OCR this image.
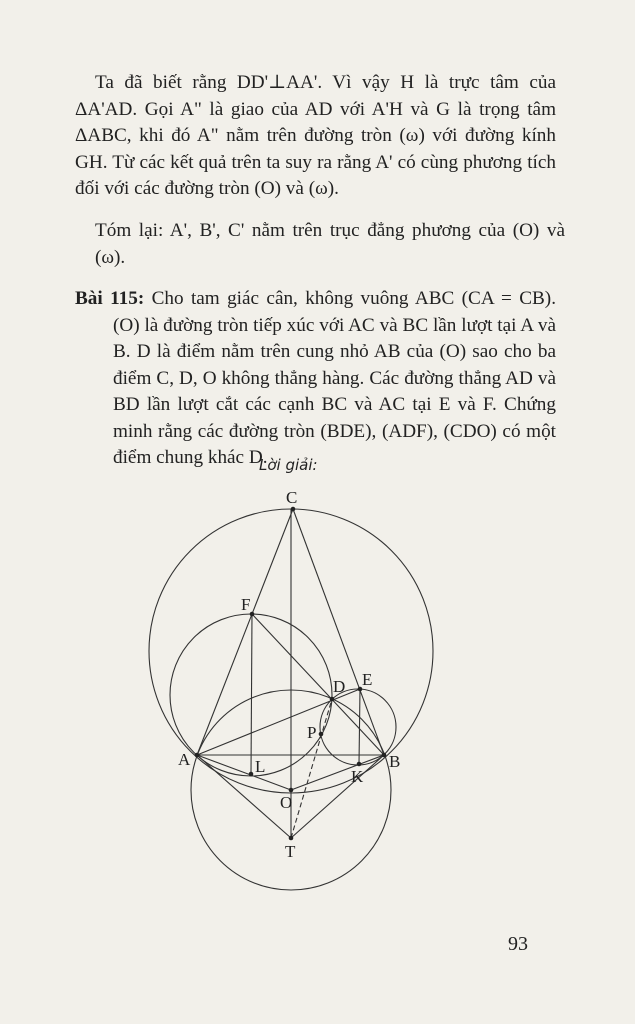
Ta đã biết rằng DD'⊥AA'. Vì vậy H là trực tâm của ΔA'AD. Gọi A" là giao của AD với A'H và G là trọng tâm ΔABC, khi đó A" nằm trên đường tròn (ω) với đường kính GH. Từ các kết quả trên ta suy ra rằng A' có cùng phương tích đối với các đường tròn (O) và (ω).
Tóm lại: A', B', C' nằm trên trục đẳng phương của (O) và (ω).
Bài 115: Cho tam giác cân, không vuông ABC (CA = CB). (O) là đường tròn tiếp xúc với AC và BC lần lượt tại A và B. D là điểm nằm trên cung nhỏ AB của (O) sao cho ba điểm C, D, O không thẳng hàng. Các đường thẳng AD và BD lần lượt cắt các cạnh BC và AC tại E và F. Chứng minh rằng các đường tròn (BDE), (ADF), (CDO) có một điểm chung khác D.
Lời giải:
C
F
D E
P
A	B
L
K
O
T
93
